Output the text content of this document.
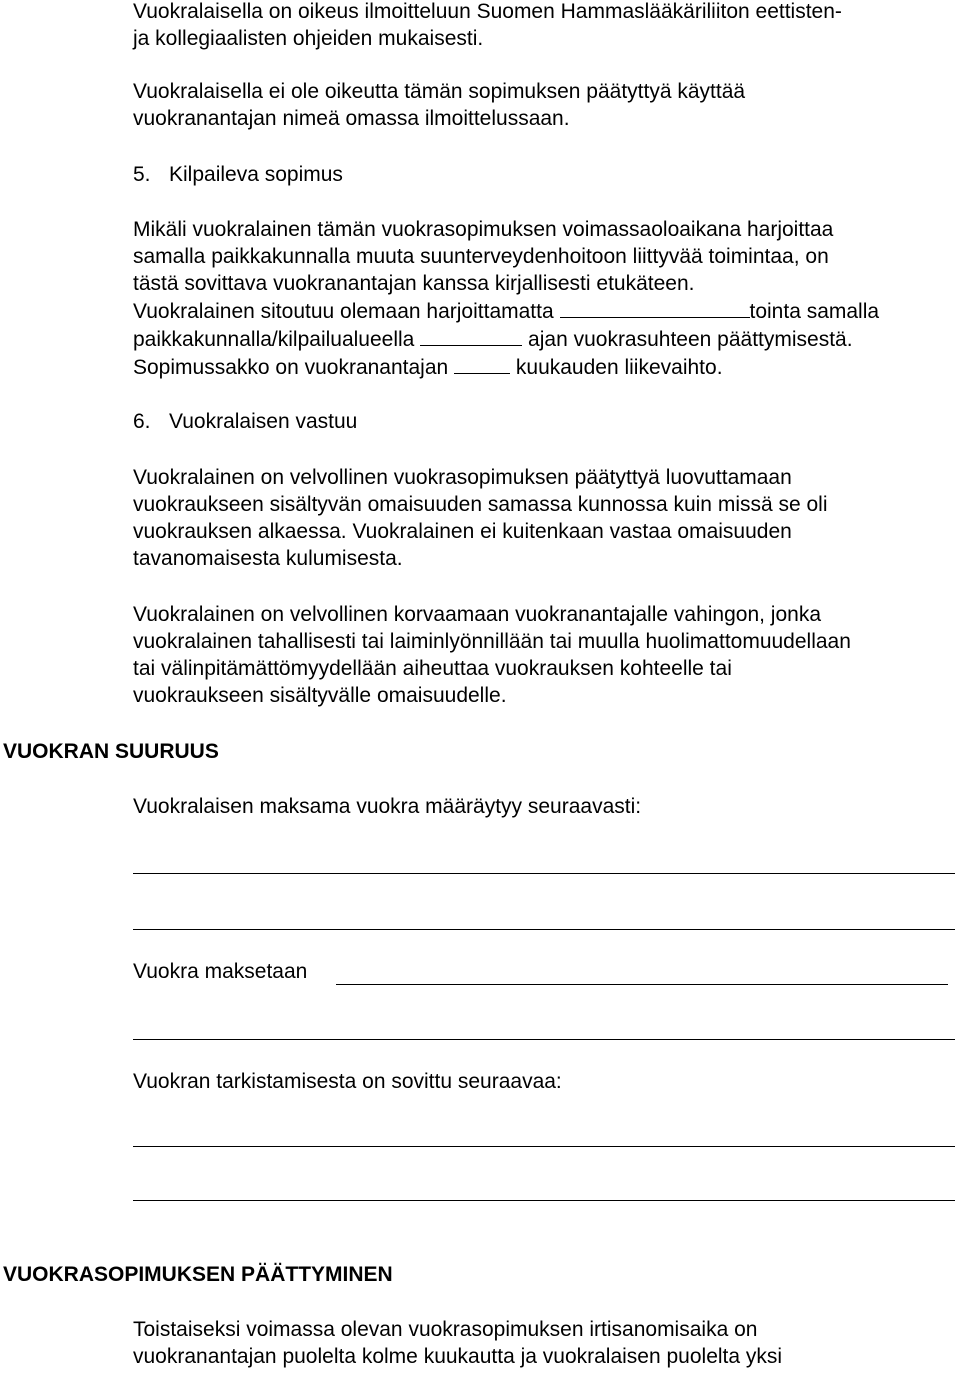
Vuokralaisella on oikeus ilmoitteluun Suomen Hammaslääkäriliiton eettisten-
ja kollegiaalisten ohjeiden mukaisesti.

Vuokralaisella ei ole oikeutta tämän sopimuksen päätyttyä käyttää
vuokranantajan nimeä omassa ilmoittelussaan.

5. Kilpaileva sopimus

Mikäli vuokralainen tämän vuokrasopimuksen voimassaoloaikana harjoittaa
samalla paikkakunnalla muuta suunterveydenhoitoon liittyvää toimintaa, on
tästä sovittava vuokranantajan kanssa kirjallisesti etukäteen.
Vuokralainen sitoutuu olemaan harjoittamatta	tointa samalla
paikkakunnalla/kilpailualueella	ajan vuokrasuhteen päättymisestä.
Sopimussakko on vuokranantajan	kuukauden liikevaihto.

6. Vuokralaisen vastuu

Vuokralainen on velvollinen vuokrasopimuksen päätyttyä luovuttamaan
vuokraukseen sisältyvän omaisuuden samassa kunnossa kuin missä se oli
vuokrauksen alkaessa. Vuokralainen ei kuitenkaan vastaa omaisuuden
tavanomaisesta kulumisesta.

Vuokralainen on velvollinen korvaamaan vuokranantajalle vahingon, jonka
vuokralainen tahallisesti tai laiminlyönnillään tai muulla huolimattomuudellaan
tai välinpitämättömyydellään aiheuttaa vuokrauksen kohteelle tai
vuokraukseen sisältyvälle omaisuudelle.

VUOKRAN SUURUUS

Vuokralaisen maksama vuokra määräytyy seuraavasti:

Vuokra maksetaan

Vuokran tarkistamisesta on sovittu seuraavaa:

VUOKRASOPIMUKSEN PÄÄTTYMINEN

Toistaiseksi voimassa olevan vuokrasopimuksen irtisanomisaika on
vuokranantajan puolelta kolme kuukautta ja vuokralaisen puolelta yksi
